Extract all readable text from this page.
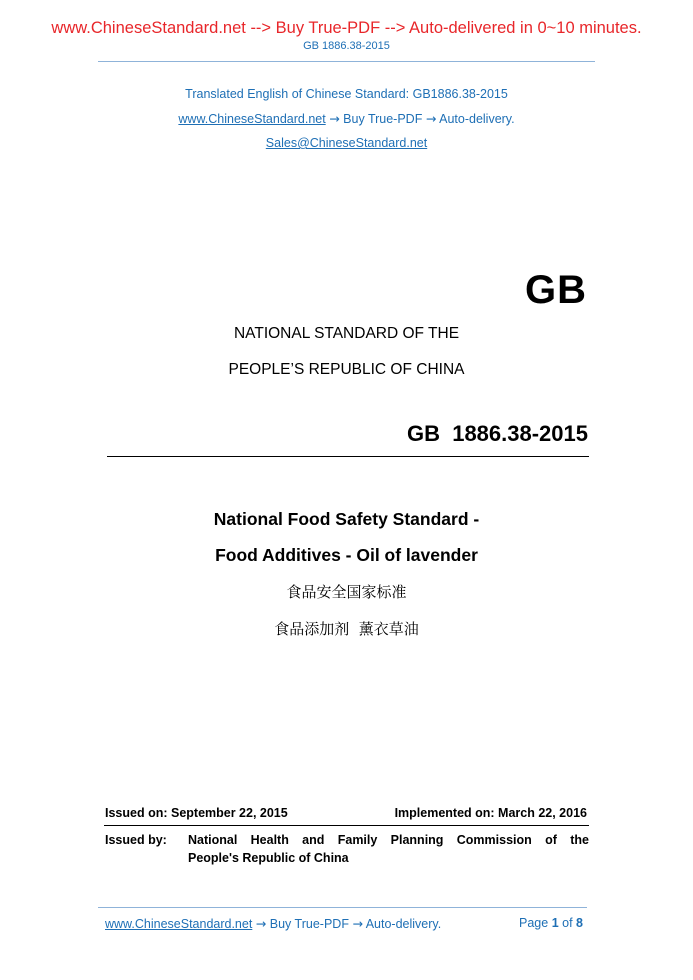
www.ChineseStandard.net --> Buy True-PDF --> Auto-delivered in 0~10 minutes.
GB 1886.38-2015
Translated English of Chinese Standard: GB1886.38-2015
www.ChineseStandard.net → Buy True-PDF → Auto-delivery.
Sales@ChineseStandard.net
GB
NATIONAL STANDARD OF THE
PEOPLE’S REPUBLIC OF CHINA
GB 1886.38-2015
National Food Safety Standard -
Food Additives - Oil of lavender
食品安全国家标准
食品添加剂  薰衣草油
Issued on: September 22, 2015	Implemented on: March 22, 2016
Issued by: National Health and Family Planning Commission of the
People's Republic of China
www.ChineseStandard.net → Buy True-PDF → Auto-delivery.	Page 1 of 8
